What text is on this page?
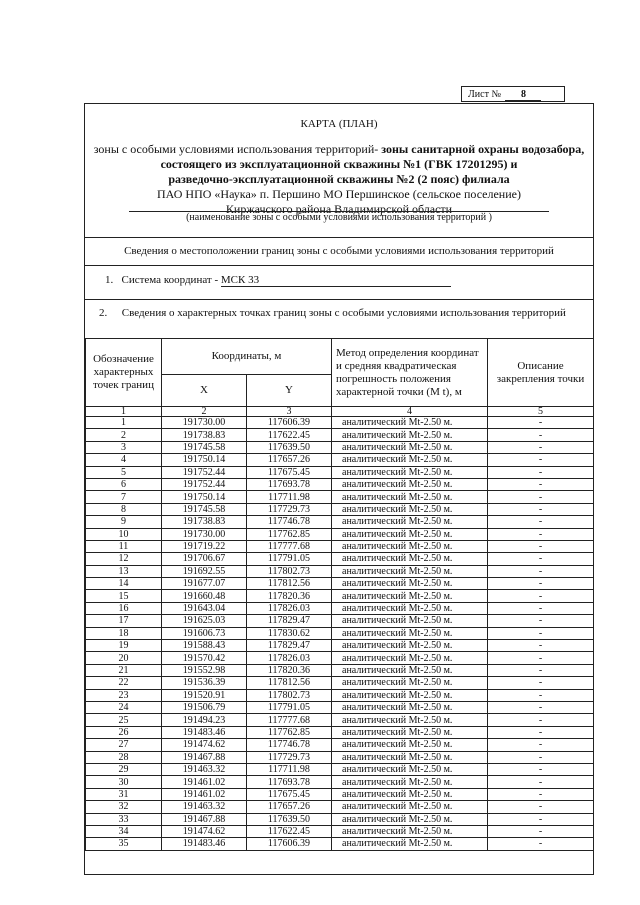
Лист № 8
КАРТА (ПЛАН)
зоны с особыми условиями использования территорий- зоны санитарной охраны водозабора,
состоящего из эксплуатационной скважины №1 (ГВК 17201295) и
разведочно-эксплуатационной скважины №2 (2 пояс) филиала
ПАО НПО «Наука» п. Першино МО Першинское (сельское поселение)
Киржачского района Владимирской области
(наименование зоны с особыми условиями использования территорий )
Сведения о местоположении границ зоны с особыми условиями использования территорий
1. Система координат - МСК 33
2. Сведения о характерных точках границ зоны с особыми условиями использования территорий
Обозначение характерных точек границ	Координаты, м		Метод определения координат и средняя квадратическая погрешность положения характерной точки (М t), м	Описание закрепления точки
	X	Y		
1	2	3	4	5
1	191730.00	117606.39	аналитический Mt-2.50 м.	-
2	191738.83	117622.45	аналитический Mt-2.50 м.	-
3	191745.58	117639.50	аналитический Mt-2.50 м.	-
4	191750.14	117657.26	аналитический Mt-2.50 м.	-
5	191752.44	117675.45	аналитический Mt-2.50 м.	-
6	191752.44	117693.78	аналитический Mt-2.50 м.	-
7	191750.14	117711.98	аналитический Mt-2.50 м.	-
8	191745.58	117729.73	аналитический Mt-2.50 м.	-
9	191738.83	117746.78	аналитический Mt-2.50 м.	-
10	191730.00	117762.85	аналитический Mt-2.50 м.	-
11	191719.22	117777.68	аналитический Mt-2.50 м.	-
12	191706.67	117791.05	аналитический Mt-2.50 м.	-
13	191692.55	117802.73	аналитический Mt-2.50 м.	-
14	191677.07	117812.56	аналитический Mt-2.50 м.	-
15	191660.48	117820.36	аналитический Mt-2.50 м.	-
16	191643.04	117826.03	аналитический Mt-2.50 м.	-
17	191625.03	117829.47	аналитический Mt-2.50 м.	-
18	191606.73	117830.62	аналитический Mt-2.50 м.	-
19	191588.43	117829.47	аналитический Mt-2.50 м.	-
20	191570.42	117826.03	аналитический Mt-2.50 м.	-
21	191552.98	117820.36	аналитический Mt-2.50 м.	-
22	191536.39	117812.56	аналитический Mt-2.50 м.	-
23	191520.91	117802.73	аналитический Mt-2.50 м.	-
24	191506.79	117791.05	аналитический Mt-2.50 м.	-
25	191494.23	117777.68	аналитический Mt-2.50 м.	-
26	191483.46	117762.85	аналитический Mt-2.50 м.	-
27	191474.62	117746.78	аналитический Mt-2.50 м.	-
28	191467.88	117729.73	аналитический Mt-2.50 м.	-
29	191463.32	117711.98	аналитический Mt-2.50 м.	-
30	191461.02	117693.78	аналитический Mt-2.50 м.	-
31	191461.02	117675.45	аналитический Mt-2.50 м.	-
32	191463.32	117657.26	аналитический Mt-2.50 м.	-
33	191467.88	117639.50	аналитический Mt-2.50 м.	-
34	191474.62	117622.45	аналитический Mt-2.50 м.	-
35	191483.46	117606.39	аналитический Mt-2.50 м.	-
